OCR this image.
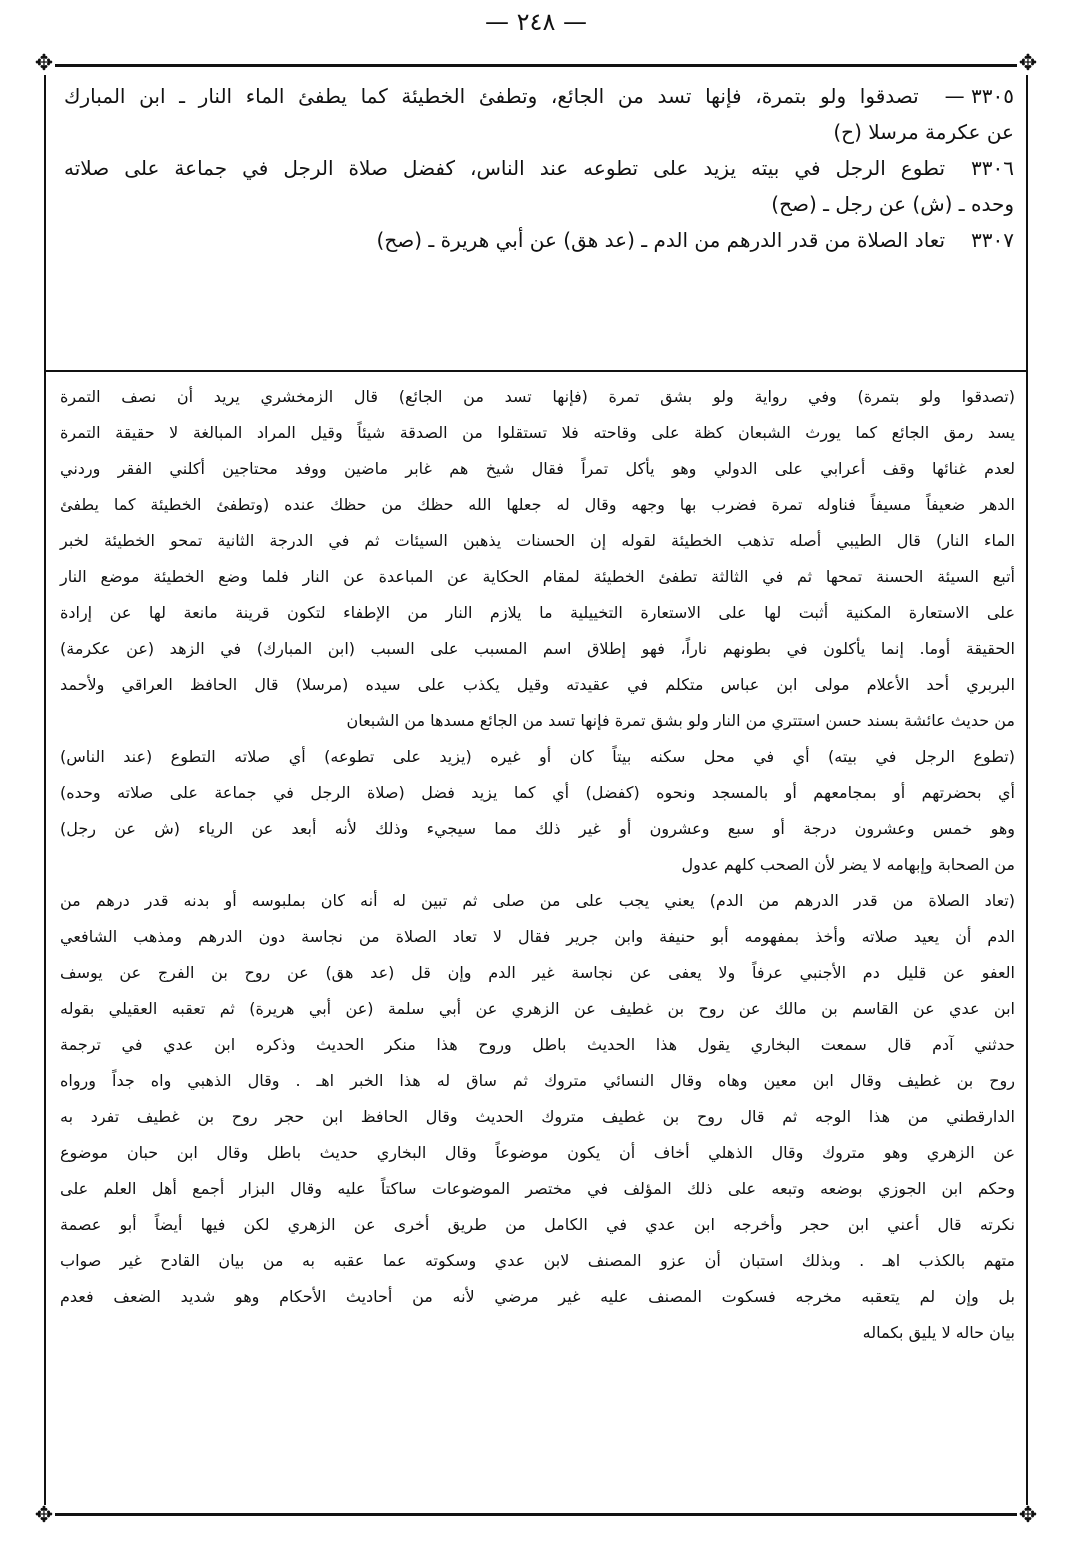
— ٢٤٨ —
✥	✥
✥	✥
٣٣٠٥ —تصدقوا ولو بتمرة، فإنها تسد من الجائع، وتطفئ الخطيئة كما يطفئ الماء النار ـ ابن المبارك
عن عكرمة مرسلا (ح)
٣٣٠٦تطوع الرجل في بيته يزيد على تطوعه عند الناس، كفضل صلاة الرجل في جماعة على صلاته
وحده ـ (ش) عن رجل ـ (صح)
٣٣٠٧تعاد الصلاة من قدر الدرهم من الدم ـ (عد هق) عن أبي هريرة ـ (صح)
(تصدقوا ولو بتمرة) وفي رواية ولو بشق تمرة (فإنها تسد من الجائع) قال الزمخشري يريد أن نصف التمرة
يسد رمق الجائع كما يورث الشبعان كظة على وقاحته فلا تستقلوا من الصدقة شيئاً وقيل المراد المبالغة لا حقيقة التمرة
لعدم غنائها وقف أعرابي على الدولي وهو يأكل تمراً فقال شيخ هم غابر ماضين ووفد محتاجين أكلني الفقر وردني
الدهر ضعيفاً مسيفاً فناوله تمرة فضرب بها وجهه وقال له جعلها الله حظك من حظك عنده (وتطفئ الخطيئة كما يطفئ
الماء النار) قال الطيبي أصله تذهب الخطيئة لقوله إن الحسنات يذهبن السيئات ثم في الدرجة الثانية تمحو الخطيئة لخبر
أتبع السيئة الحسنة تمحها ثم في الثالثة تطفئ الخطيئة لمقام الحكاية عن المباعدة عن النار فلما وضع الخطيئة موضع النار
على الاستعارة المكنية أثبت لها على الاستعارة التخييلية ما يلازم النار من الإطفاء لتكون قرينة مانعة لها عن إرادة
الحقيقة أوما. إنما يأكلون في بطونهم ناراً، فهو إطلاق اسم المسبب على السبب (ابن المبارك) في الزهد (عن عكرمة)
البربري أحد الأعلام مولى ابن عباس متكلم في عقيدته وقيل يكذب على سيده (مرسلا) قال الحافظ العراقي ولأحمد
من حديث عائشة بسند حسن استتري من النار ولو بشق تمرة فإنها تسد من الجائع مسدها من الشبعان
(تطوع الرجل في بيته) أي في محل سكنه بيتاً كان أو غيره (يزيد على تطوعه) أي صلاته التطوع (عند الناس)
أي بحضرتهم أو بمجامعهم أو بالمسجد ونحوه (كفضل) أي كما يزيد فضل (صلاة الرجل في جماعة على صلاته وحده)
وهو خمس وعشرون درجة أو سبع وعشرون أو غير ذلك مما سيجيء وذلك لأنه أبعد عن الرياء (ش عن رجل)
من الصحابة وإبهامه لا يضر لأن الصحب كلهم عدول
(تعاد الصلاة من قدر الدرهم من الدم) يعني يجب على من صلى ثم تبين له أنه كان بملبوسه أو بدنه قدر درهم من
الدم أن يعيد صلاته وأخذ بمفهومه أبو حنيفة وابن جرير فقال لا تعاد الصلاة من نجاسة دون الدرهم ومذهب الشافعي
العفو عن قليل دم الأجنبي عرفاً ولا يعفى عن نجاسة غير الدم وإن قل (عد هق) عن روح بن الفرج عن يوسف
ابن عدي عن القاسم بن مالك عن روح بن غطيف عن الزهري عن أبي سلمة (عن أبي هريرة) ثم تعقبه العقيلي بقوله
حدثني آدم قال سمعت البخاري يقول هذا الحديث باطل وروح هذا منكر الحديث وذكره ابن عدي في ترجمة
روح بن غطيف وقال ابن معين وهاه وقال النسائي متروك ثم ساق له هذا الخبر اهـ . وقال الذهبي واه جداً ورواه
الدارقطني من هذا الوجه ثم قال روح بن غطيف متروك الحديث وقال الحافظ ابن حجر روح بن غطيف تفرد به
عن الزهري وهو متروك وقال الذهلي أخاف أن يكون موضوعاً وقال البخاري حديث باطل وقال ابن حبان موضوع
وحكم ابن الجوزي بوضعه وتبعه على ذلك المؤلف في مختصر الموضوعات ساكتاً عليه وقال البزار أجمع أهل العلم على
نكرته قال أعني ابن حجر وأخرجه ابن عدي في الكامل من طريق أخرى عن الزهري لكن فيها أيضاً أبو عصمة
متهم بالكذب اهـ . وبذلك استبان أن عزو المصنف لابن عدي وسكوته عما عقبه به من بيان القادح غير صواب
بل وإن لم يتعقبه مخرجه فسكوت المصنف عليه غير مرضي لأنه من أحاديث الأحكام وهو شديد الضعف فعدم
بيان حاله لا يليق بكماله
